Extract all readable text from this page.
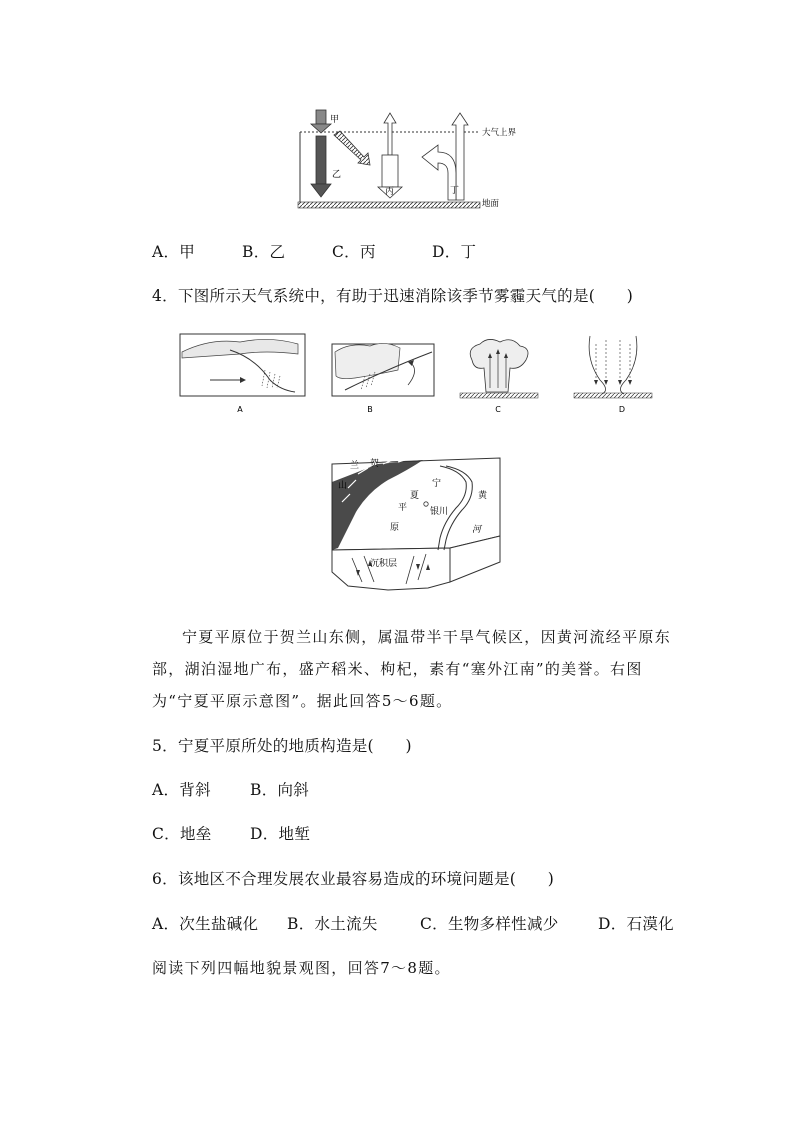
甲
乙
丙	丁
大气上界
地面
A．甲	B．乙	C．丙	D．丁
4．下图所示天气系统中，有助于迅速消除该季节雾霾天气的是(　　)
A	B	C	D
兰 贺
山	宁
夏
平
原
银川
黄
河
沉积层
宁夏平原位于贺兰山东侧，属温带半干旱气候区，因黄河流经平原东部，湖泊湿地广布，盛产稻米、枸杞，素有“塞外江南”的美誉。右图为“宁夏平原示意图”。据此回答5～6题。
5．宁夏平原所处的地质构造是(　　)
A．背斜	B．向斜
C．地垒 D．地堑
6．该地区不合理发展农业最容易造成的环境问题是(　　)
A．次生盐碱化 B．水土流失	C．生物多样性减少	D．石漠化
阅读下列四幅地貌景观图，回答7～8题。
